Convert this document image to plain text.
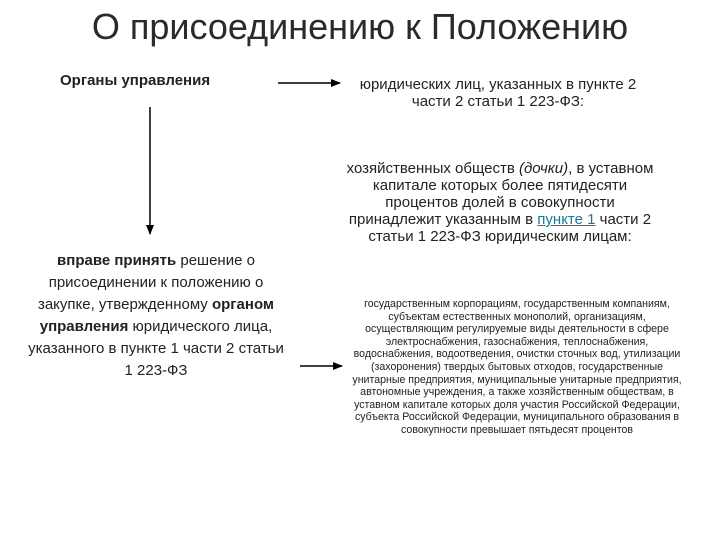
О присоединению к Положению
Органы управления	юридических лиц, указанных в пункте 2 части 2 статьи 1 223-ФЗ:
хозяйственных обществ (дочки), в уставном капитале которых более пятидесяти процентов долей в совокупности принадлежит указанным в пункте 1 части 2 статьи 1 223-ФЗ юридическим лицам:
вправе принять решение о присоединении к положению о закупке, утвержденному органом управления юридического лица, указанного в пункте 1 части 2 статьи 1 223-ФЗ
государственным корпорациям, государственным компаниям, субъектам естественных монополий, организациям, осуществляющим регулируемые виды деятельности в сфере электроснабжения, газоснабжения, теплоснабжения, водоснабжения, водоотведения, очистки сточных вод, утилизации (захоронения) твердых бытовых отходов, государственные унитарные предприятия, муниципальные унитарные предприятия, автономные учреждения, а также хозяйственным обществам, в уставном капитале которых доля участия Российской Федерации, субъекта Российской Федерации, муниципального образования в совокупности превышает пятьдесят процентов
